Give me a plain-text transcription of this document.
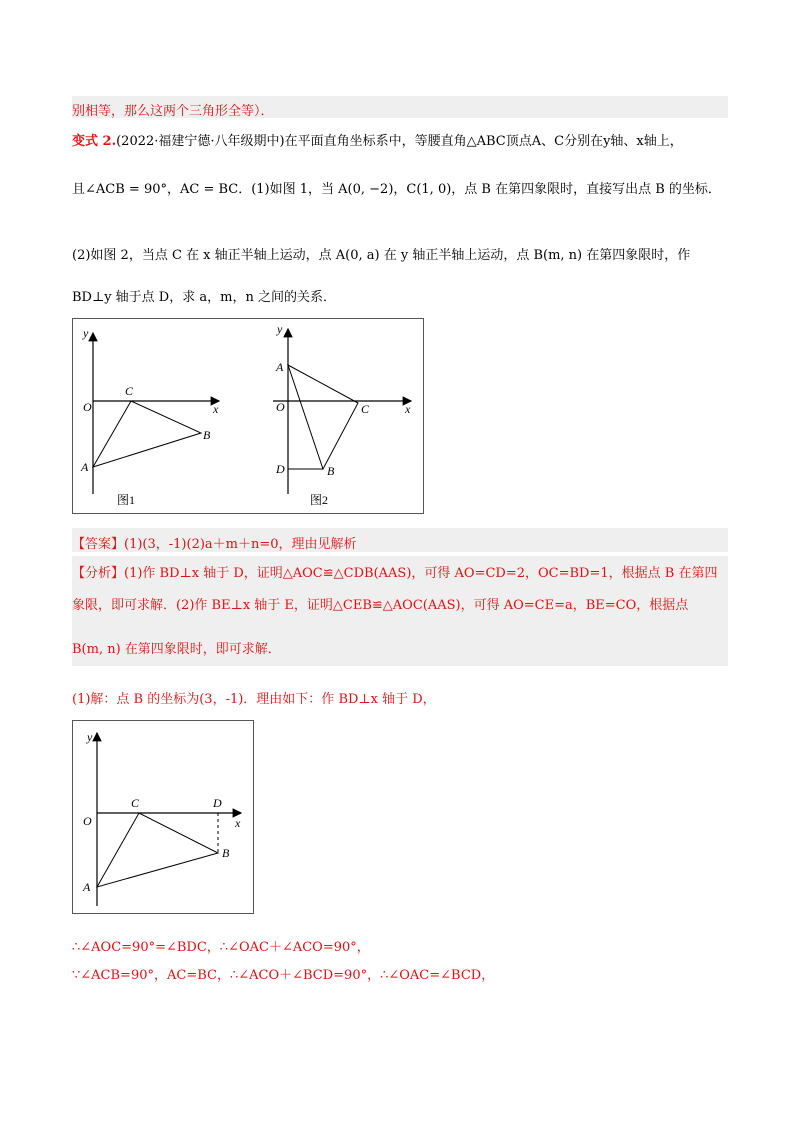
别相等，那么这两个三角形全等）．
变式 2.(2022·福建宁德·八年级期中)在平面直角坐标系中，等腰直角△ABC顶点A、C分别在y轴、x轴上，
且∠ACB = 90°，AC = BC．(1)如图 1，当 A(0, −2)，C(1, 0)，点 B 在第四象限时，直接写出点 B 的坐标．
(2)如图 2，当点 C 在 x 轴正半轴上运动，点 A(0, a) 在 y 轴正半轴上运动，点 B(m, n) 在第四象限时，作
BD⊥y 轴于点 D，求 a，m，n 之间的关系．
O
C
B
A
x
y
图1
A
O	C
D	B
x
y
图2
【答案】(1)(3，-1)(2)a＋m＋n=0，理由见解析
【分析】(1)作 BD⊥x 轴于 D，证明△AOC≌△CDB(AAS)，可得 AO=CD=2，OC=BD=1，根据点 B 在第四
象限，即可求解．(2)作 BE⊥x 轴于 E，证明△CEB≌△AOC(AAS)，可得 AO=CE=a，BE=CO，根据点
B(m, n) 在第四象限时，即可求解．
(1)解：点 B 的坐标为(3，-1)．理由如下：作 BD⊥x 轴于 D，
O
C	D
B
A
x
y
∴∠AOC=90°=∠BDC，∴∠OAC＋∠ACO=90°，
∵∠ACB=90°，AC=BC，∴∠ACO＋∠BCD=90°，∴∠OAC=∠BCD，
